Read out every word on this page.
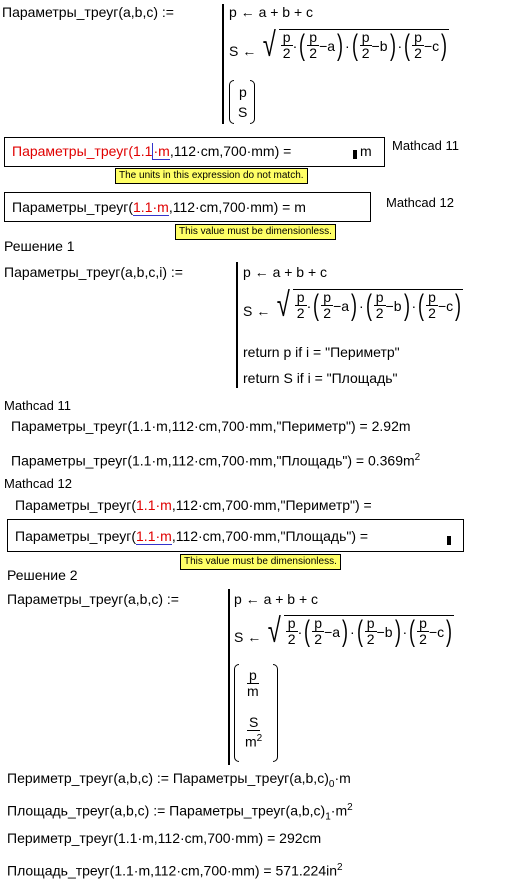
Параметры_треуг(a,b,c) :=	p ← a + b + c
S ← √ $\frac{p}{2}$ · ( $\frac{p}{2} - a$ ) · ( $\frac{p}{2} - b$ ) · ( $\frac{p}{2} - c$ )
p
S
Параметры_треуг(1.1·m,112·cm,700·mm) =	m Mathcad 11
The units in this expression do not match.
Параметры_треуг(1.1·m,112·cm,700·mm) = m	Mathcad 12
This value must be dimensionless.
Решение 1
Параметры_треуг(a,b,c,i) :=	p ← a + b + c
S ← √ $\frac{p}{2}$ · ( $\frac{p}{2} - a$ ) · ( $\frac{p}{2} - b$ ) · ( $\frac{p}{2} - c$ )
return p if i = "Периметр"
return S if i = "Площадь"
Mathcad 11
Параметры_треуг(1.1·m,112·cm,700·mm,"Периметр") = 2.92m
Параметры_треуг(1.1·m,112·cm,700·mm,"Площадь") = $0.369m^2$
Mathcad 12
Параметры_треуг(1.1·m,112·cm,700·mm,"Периметр") =
Параметры_треуг(1.1·m,112·cm,700·mm,"Площадь") =
This value must be dimensionless.
Решение 2
Параметры_треуг(a,b,c) :=	p ← a + b + c
S ← √ $\frac{p}{2}$ · ( $\frac{p}{2} - a$ ) · ( $\frac{p}{2} - b$ ) · ( $\frac{p}{2} - c$ )
$\frac{p}{m}$
$\frac{S}{m^2}$
Периметр_треуг(a,b,c) := $Параметры\_треуг(a,b,c)_0\cdot m$
Площадь_треуг(a,b,c) := $Параметры\_треуг(a,b,c)_1\cdot m^2$
Периметр_треуг(1.1·m,112·cm,700·mm) = 292cm
Площадь_треуг(1.1·m,112·cm,700·mm) = $571.224in^2$
